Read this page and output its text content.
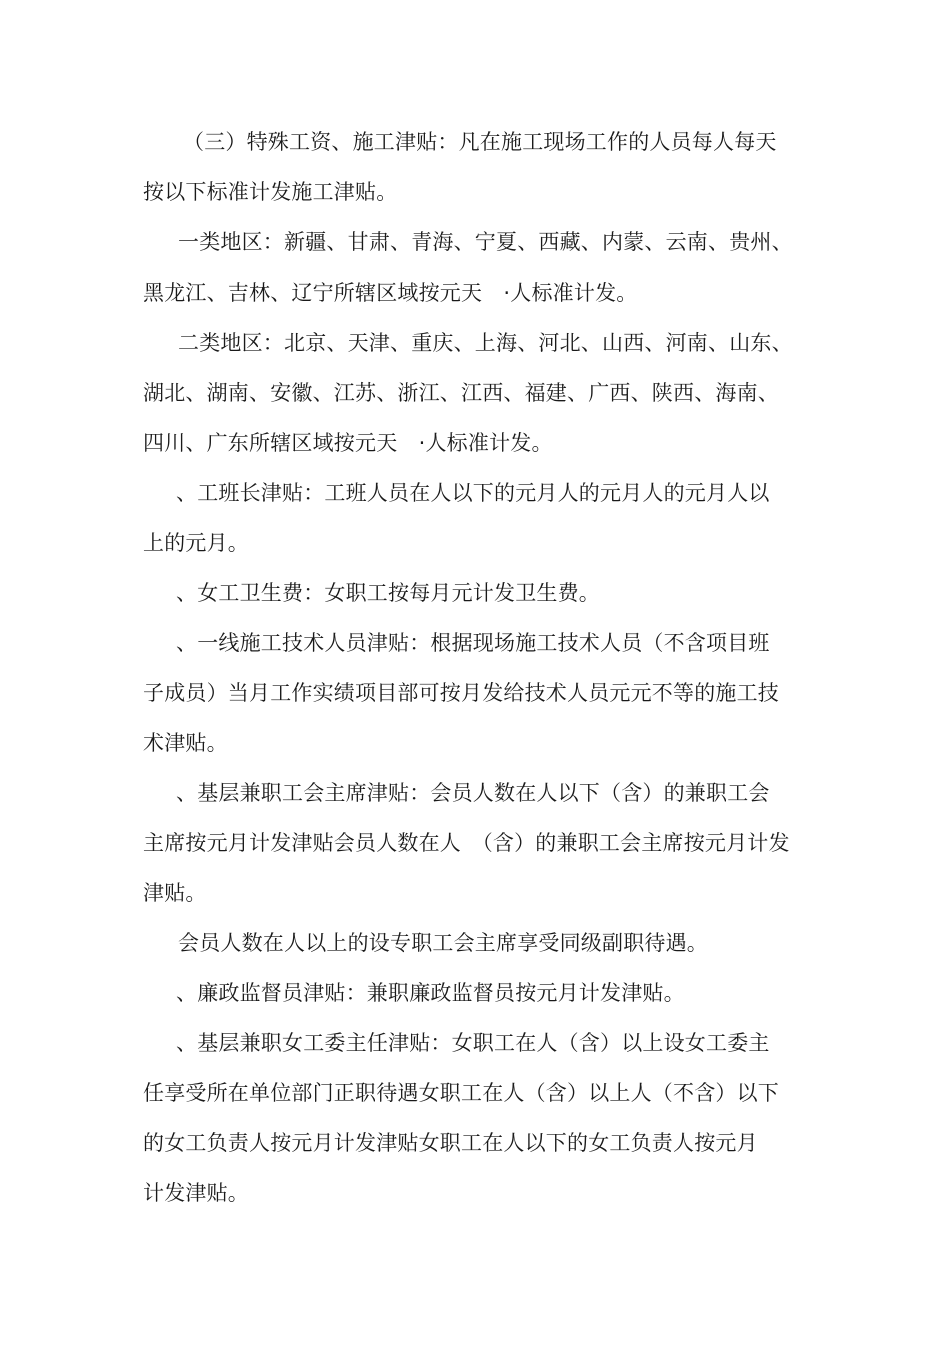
（三）特殊工资、施工津贴：凡在施工现场工作的人员每人每天
按以下标准计发施工津贴。
一类地区：新疆、甘肃、青海、宁夏、西藏、内蒙、云南、贵州、
黑龙江、吉林、辽宁所辖区域按元天　·人标准计发。
二类地区：北京、天津、重庆、上海、河北、山西、河南、山东、
湖北、湖南、安徽、江苏、浙江、江西、福建、广西、陕西、海南、
四川、广东所辖区域按元天　·人标准计发。
、工班长津贴：工班人员在人以下的元月人的元月人的元月人以
上的元月。
、女工卫生费：女职工按每月元计发卫生费。
、一线施工技术人员津贴：根据现场施工技术人员（不含项目班
子成员）当月工作实绩项目部可按月发给技术人员元元不等的施工技
术津贴。
、基层兼职工会主席津贴：会员人数在人以下（含）的兼职工会
主席按元月计发津贴会员人数在人　（含）的兼职工会主席按元月计发
津贴。
会员人数在人以上的设专职工会主席享受同级副职待遇。
、廉政监督员津贴：兼职廉政监督员按元月计发津贴。
、基层兼职女工委主任津贴：女职工在人（含）以上设女工委主
任享受所在单位部门正职待遇女职工在人（含）以上人（不含）以下
的女工负责人按元月计发津贴女职工在人以下的女工负责人按元月
计发津贴。
